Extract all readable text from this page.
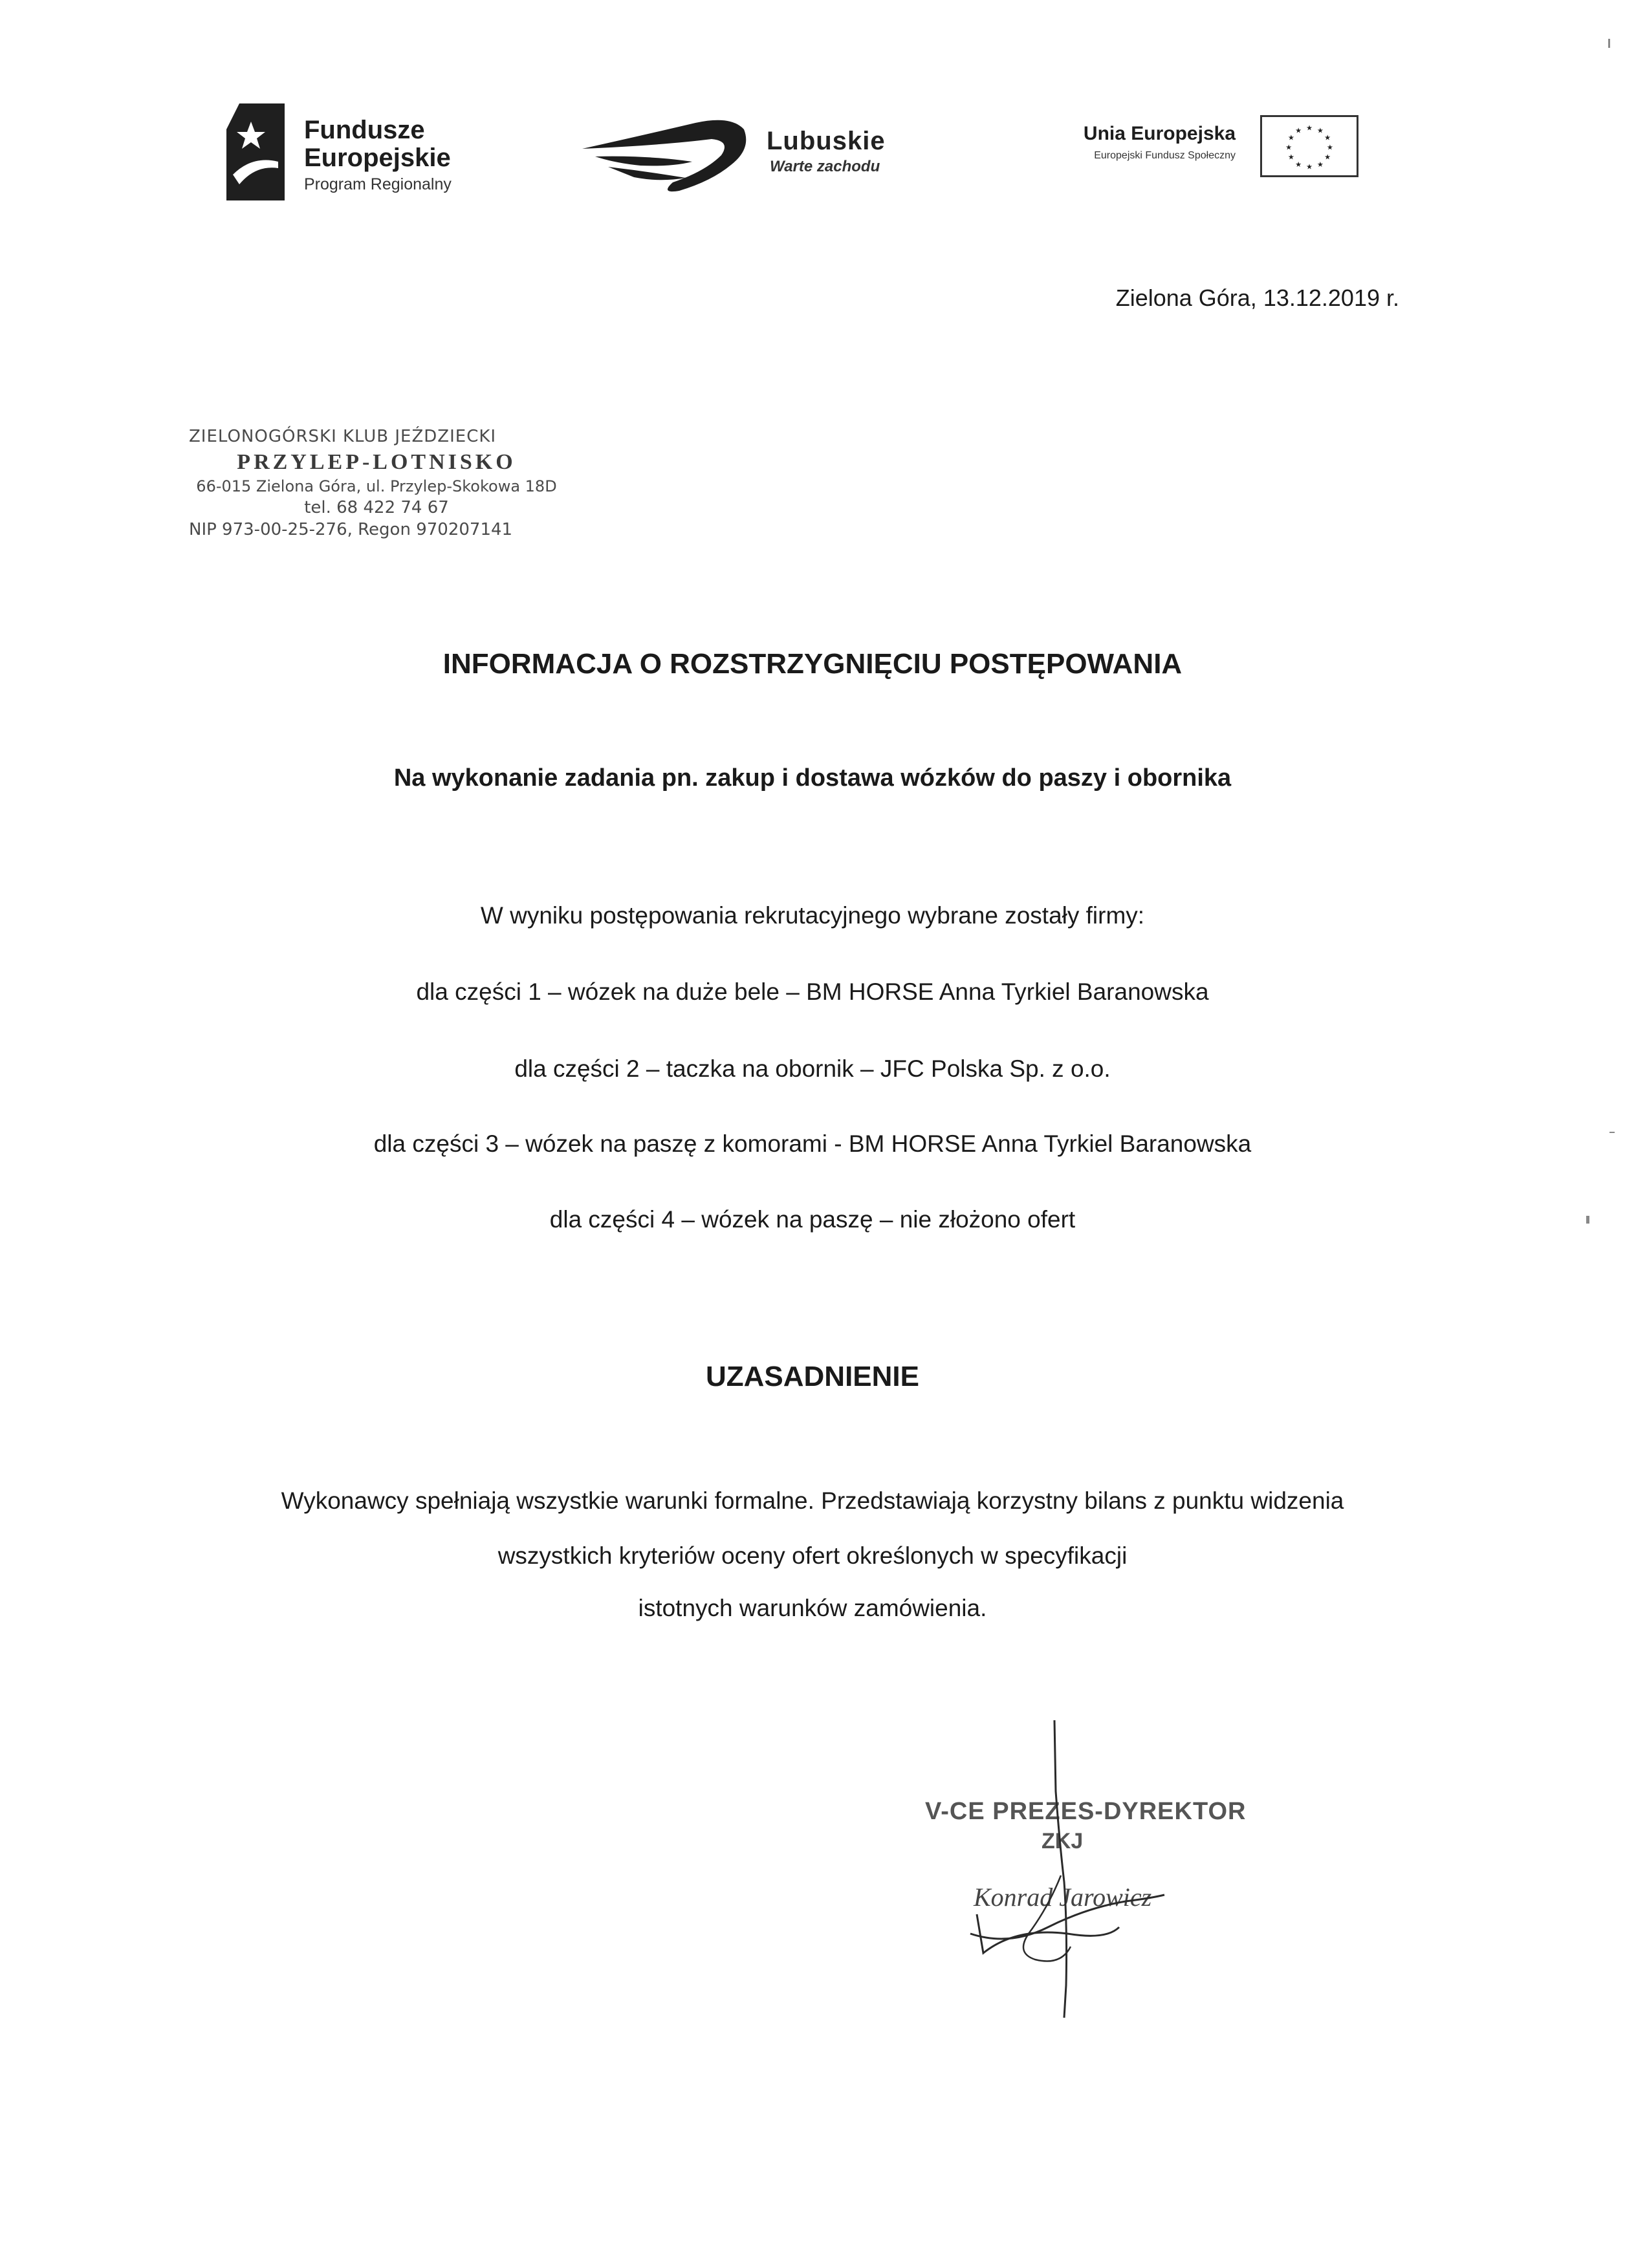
Fundusze
Europejskie
Program Regionalny
Lubuskie
Warte zachodu
Unia Europejska
Europejski Fundusz Społeczny
★ ★
★
★
★
★
★
★
★
★
★
★
Zielona Góra, 13.12.2019 r.
ZIELONOGÓRSKI KLUB JEŹDZIECKI
PRZYLEP-LOTNISKO
66-015 Zielona Góra, ul. Przylep-Skokowa 18D
tel. 68 422 74 67
NIP 973-00-25-276, Regon 970207141
INFORMACJA O ROZSTRZYGNIĘCIU POSTĘPOWANIA
Na wykonanie zadania pn. zakup i dostawa wózków do paszy i obornika
W wyniku postępowania rekrutacyjnego wybrane zostały firmy:
dla części 1 – wózek na duże bele – BM HORSE Anna Tyrkiel Baranowska
dla części 2 – taczka na obornik – JFC Polska Sp. z o.o.
dla części 3 – wózek na paszę z komorami - BM HORSE Anna Tyrkiel Baranowska
dla części 4 – wózek na paszę – nie złożono ofert
UZASADNIENIE
Wykonawcy spełniają wszystkie warunki formalne. Przedstawiają korzystny bilans z punktu widzenia
wszystkich kryteriów oceny ofert określonych w specyfikacji
istotnych warunków zamówienia.
V-CE PREZES-DYREKTOR
ZKJ
Konrad Jarowicz
